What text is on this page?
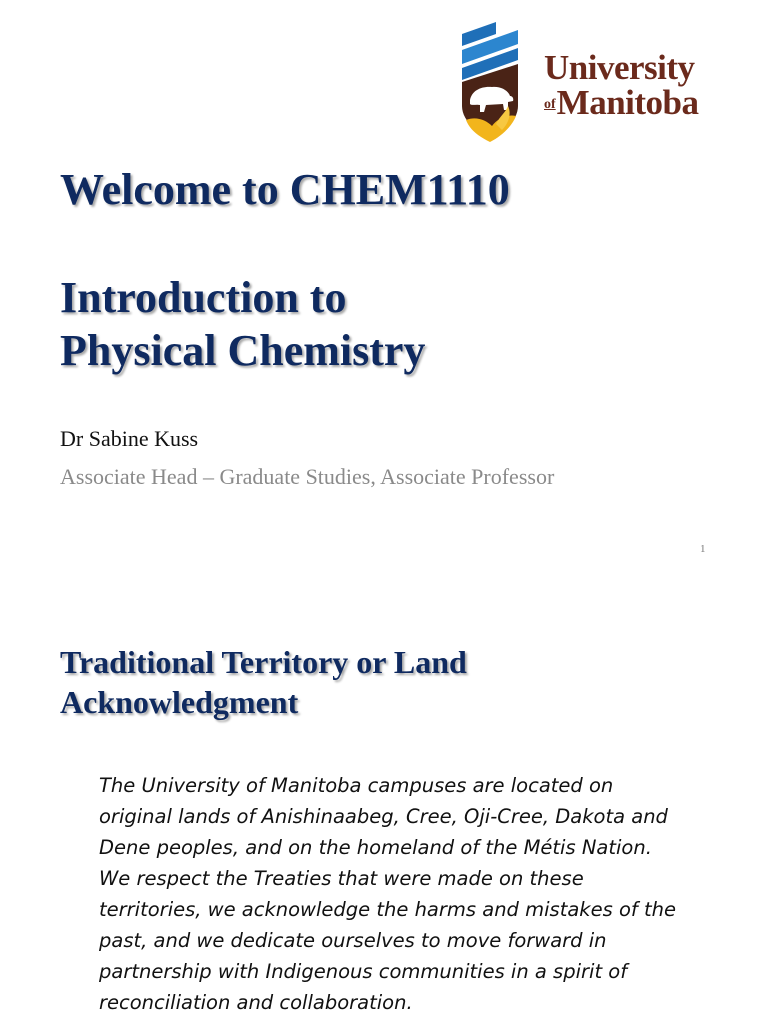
University
ofManitoba
Welcome to CHEM1110
Introduction to
Physical Chemistry
Dr Sabine Kuss
Associate Head – Graduate Studies, Associate Professor
1
Traditional Territory or Land
Acknowledgment

The University of Manitoba campuses are located on
original lands of Anishinaabeg, Cree, Oji-Cree, Dakota and
Dene peoples, and on the homeland of the Métis Nation.
We respect the Treaties that were made on these
territories, we acknowledge the harms and mistakes of the
past, and we dedicate ourselves to move forward in
partnership with Indigenous communities in a spirit of
reconciliation and collaboration.
